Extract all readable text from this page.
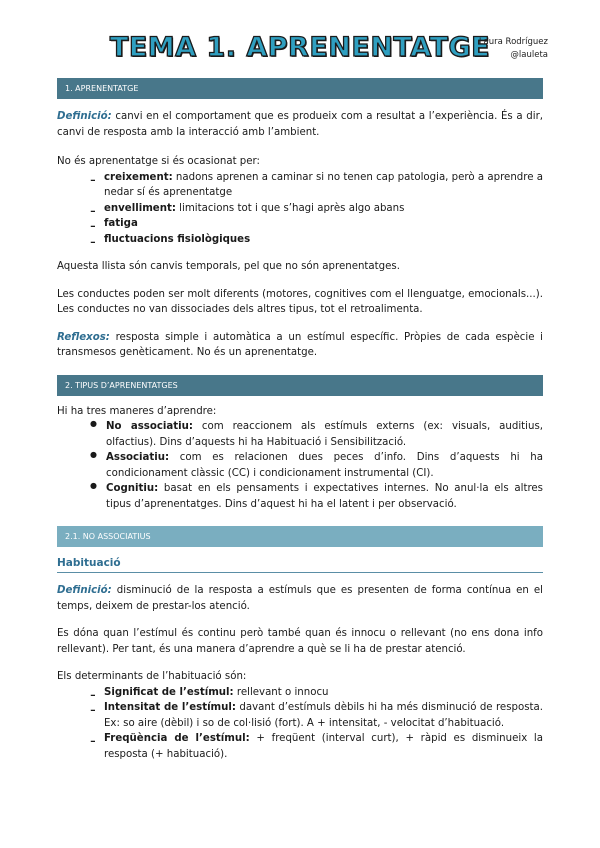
TEMA 1. APRENENTATGE
Laura Rodríguez
@lauleta
1. APRENENTATGE

Definició: canvi en el comportament que es produeix com a resultat a l’experiència. És a dir, canvi de resposta amb la interacció amb l’ambient.

No és aprenentatge si és ocasionat per:

- creixement: nadons aprenen a caminar si no tenen cap patologia, però a aprendre a nedar sí és aprenentatge

- envelliment: limitacions tot i que s’hagi après algo abans

- fatiga

- fluctuacions fisiològiques

Aquesta llista són canvis temporals, pel que no són aprenentatges.

Les conductes poden ser molt diferents (motores, cognitives com el llenguatge, emocionals...). Les conductes no van dissociades dels altres tipus, tot el retroalimenta.

Reflexos: resposta simple i automàtica a un estímul específic. Pròpies de cada espècie i transmesos genèticament. No és un aprenentatge.

2. TIPUS D’APRENENTATGES

Hi ha tres maneres d’aprendre:

● No associatiu: com reaccionem als estímuls externs (ex: visuals, auditius, olfactius). Dins d’aquests hi ha Habituació i Sensibilització.

● Associatiu: com es relacionen dues peces d’info. Dins d’aquests hi ha condicionament clàssic (CC) i condicionament instrumental (CI).

● Cognitiu: basat en els pensaments i expectatives internes. No anul·la els altres tipus d’aprenentatges. Dins d’aquest hi ha el latent i per observació.

2.1. NO ASSOCIATIUS
Habituació

Definició: disminució de la resposta a estímuls que es presenten de forma contínua en el temps, deixem de prestar-los atenció.

Es dóna quan l’estímul és continu però també quan és innocu o rellevant (no ens dona info rellevant). Per tant, és una manera d’aprendre a què se li ha de prestar atenció.

Els determinants de l’habituació són:

- Significat de l’estímul: rellevant o innocu

- Intensitat de l’estímul: davant d’estímuls dèbils hi ha més disminució de resposta. Ex: so aire (dèbil) i so de col·lisió (fort). A + intensitat, - velocitat d’habituació.

- Freqüència de l’estímul: + freqüent (interval curt), + ràpid es disminueix la resposta (+ habituació).
